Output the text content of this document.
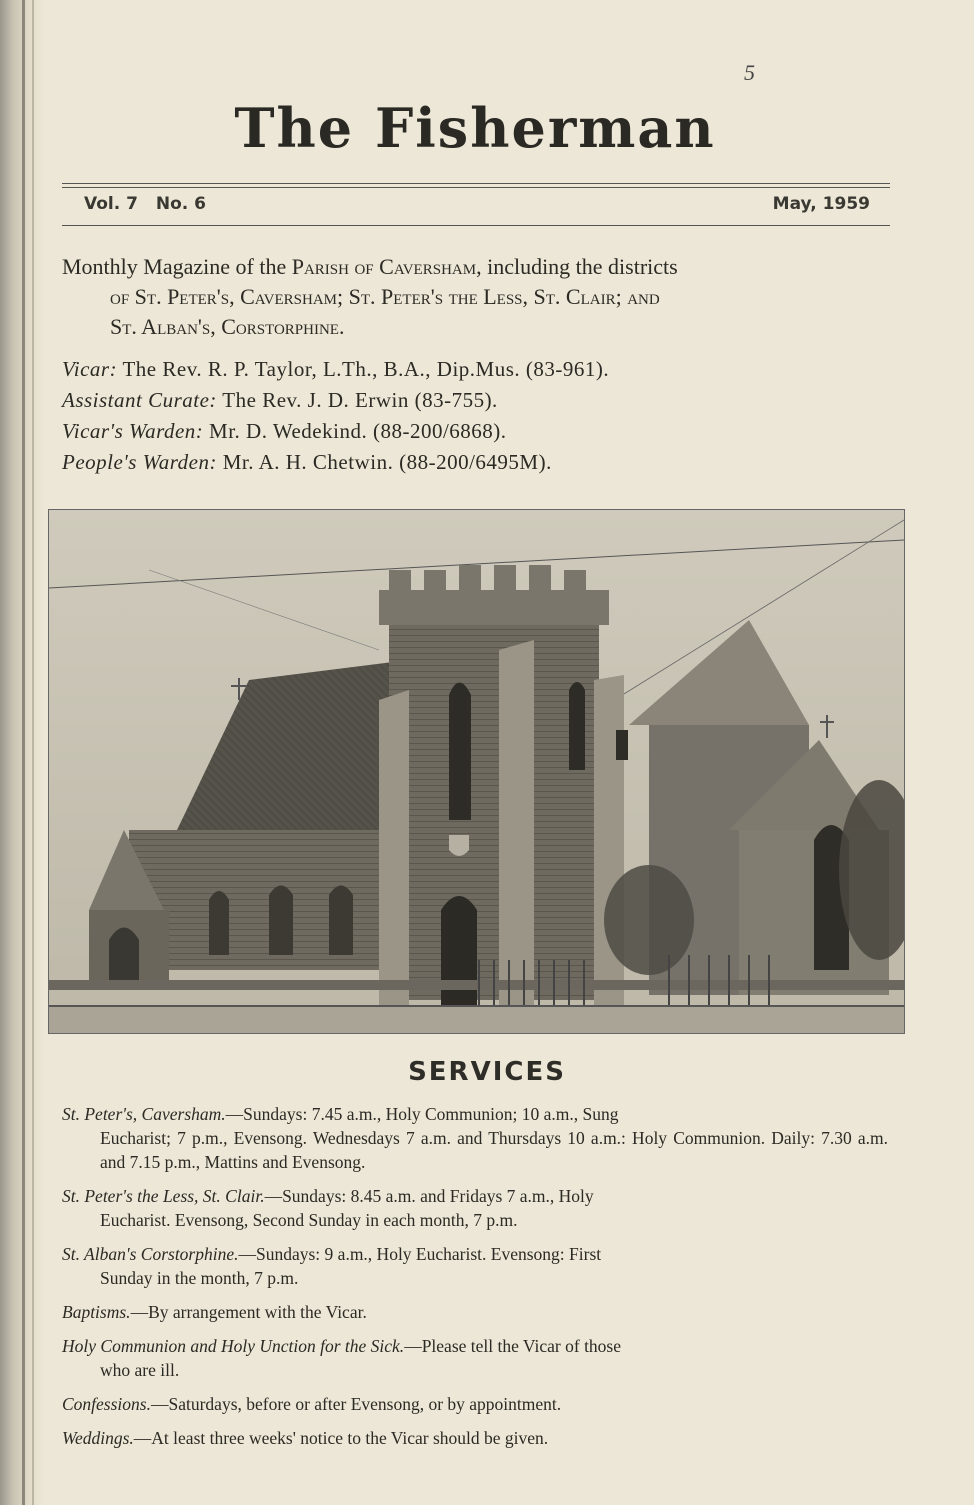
5
The Fisherman
Vol. 7 No. 6	May, 1959
Monthly Magazine of the Parish of Caversham, including the districts
of St. Peter's, Caversham; St. Peter's the Less, St. Clair; and
St. Alban's, Corstorphine.
Vicar: The Rev. R. P. Taylor, L.Th., B.A., Dip.Mus. (83-961).
Assistant Curate: The Rev. J. D. Erwin (83-755).
Vicar's Warden: Mr. D. Wedekind. (88-200/6868).
People's Warden: Mr. A. H. Chetwin. (88-200/6495M).
SERVICES
St. Peter's, Caversham.—Sundays: 7.45 a.m., Holy Communion; 10 a.m., Sung
Eucharist; 7 p.m., Evensong. Wednesdays 7 a.m. and Thursdays 10 a.m.: Holy Communion. Daily: 7.30 a.m. and 7.15 p.m., Mattins and Evensong.
St. Peter's the Less, St. Clair.—Sundays: 8.45 a.m. and Fridays 7 a.m., Holy
Eucharist. Evensong, Second Sunday in each month, 7 p.m.
St. Alban's Corstorphine.—Sundays: 9 a.m., Holy Eucharist. Evensong: First
Sunday in the month, 7 p.m.
Baptisms.—By arrangement with the Vicar.
Holy Communion and Holy Unction for the Sick.—Please tell the Vicar of those
who are ill.
Confessions.—Saturdays, before or after Evensong, or by appointment.
Weddings.—At least three weeks' notice to the Vicar should be given.
